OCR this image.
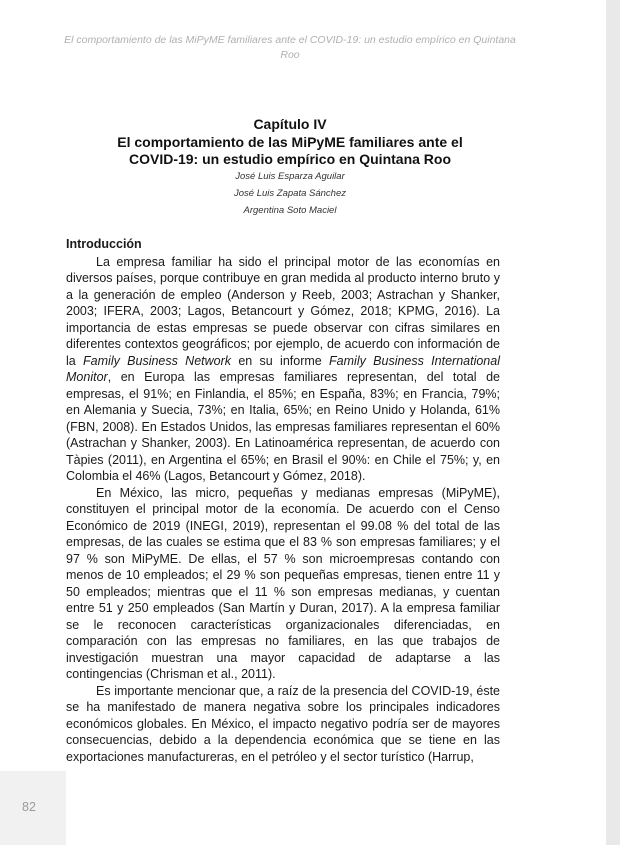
El comportamiento de las MiPyME familiares ante el COVID-19: un estudio empírico en Quintana Roo
Capítulo IV
El comportamiento de las MiPyME familiares ante el
COVID-19: un estudio empírico en Quintana Roo
José Luis Esparza Aguilar
José Luis Zapata Sánchez
Argentina Soto Maciel
Introducción

La empresa familiar ha sido el principal motor de las economías en diversos países, porque contribuye en gran medida al producto interno bruto y a la generación de empleo (Anderson y Reeb, 2003; Astrachan y Shanker, 2003; IFERA, 2003; Lagos, Betancourt y Gómez, 2018; KPMG, 2016). La importancia de estas empresas se puede observar con cifras similares en diferentes contextos geográficos; por ejemplo, de acuerdo con información de la Family Business Network en su informe Family Business International Monitor, en Europa las empresas familiares representan, del total de empresas, el 91%; en Finlandia, el 85%; en España, 83%; en Francia, 79%; en Alemania y Suecia, 73%; en Italia, 65%; en Reino Unido y Holanda, 61% (FBN, 2008). En Estados Unidos, las empresas familiares representan el 60% (Astrachan y Shanker, 2003). En Latinoamérica representan, de acuerdo con Tàpies (2011), en Argentina el 65%; en Brasil el 90%: en Chile el 75%; y, en Colombia el 46% (Lagos, Betancourt y Gómez, 2018).

En México, las micro, pequeñas y medianas empresas (MiPyME), constituyen el principal motor de la economía. De acuerdo con el Censo Económico de 2019 (INEGI, 2019), representan el 99.08 % del total de las empresas, de las cuales se estima que el 83 % son empresas familiares; y el 97 % son MiPyME. De ellas, el 57 % son microempresas contando con menos de 10 empleados; el 29 % son pequeñas empresas, tienen entre 11 y 50 empleados; mientras que el 11 % son empresas medianas, y cuentan entre 51 y 250 empleados (San Martín y Duran, 2017). A la empresa familiar se le reconocen características organizacionales diferenciadas, en comparación con las empresas no familiares, en las que trabajos de investigación muestran una mayor capacidad de adaptarse a las contingencias (Chrisman et al., 2011).

Es importante mencionar que, a raíz de la presencia del COVID-19, éste se ha manifestado de manera negativa sobre los principales indicadores económicos globales. En México, el impacto negativo podría ser de mayores consecuencias, debido a la dependencia económica que se tiene en las exportaciones manufactureras, en el petróleo y el sector turístico (Harrup,

82
